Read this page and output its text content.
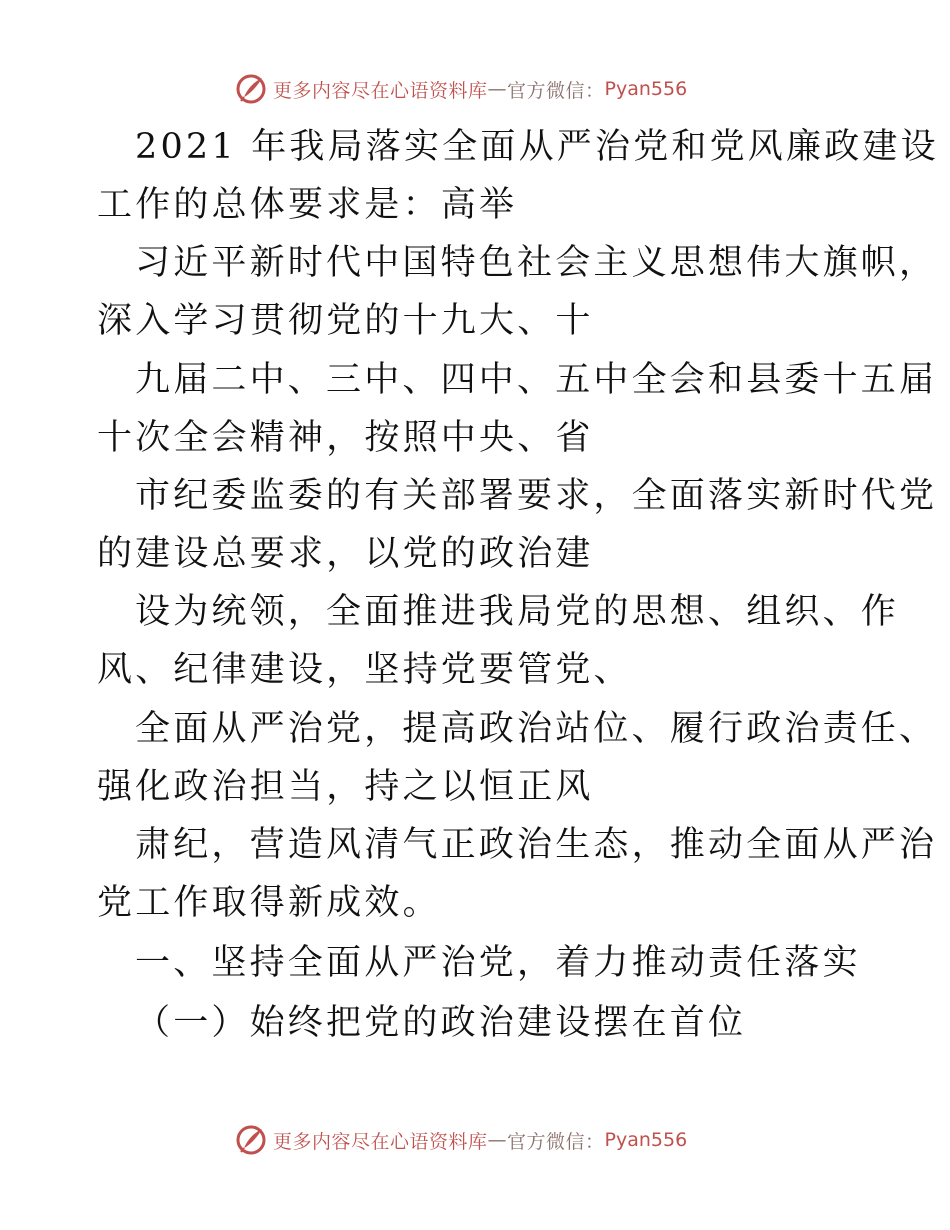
更多内容尽在心语资料库 — 官方微信： Pyan556
2021 年我局落实全面从严治党和党风廉政建设
工作的总体要求是：高举
习近平新时代中国特色社会主义思想伟大旗帜，
深入学习贯彻党的十九大、十
九届二中、三中、四中、五中全会和县委十五届
十次全会精神，按照中央、省
市纪委监委的有关部署要求，全面落实新时代党
的建设总要求，以党的政治建
设为统领，全面推进我局党的思想、组织、作
风、纪律建设，坚持党要管党、
全面从严治党，提高政治站位、履行政治责任、
强化政治担当，持之以恒正风
肃纪，营造风清气正政治生态，推动全面从严治
党工作取得新成效。
一、坚持全面从严治党，着力推动责任落实
（一）始终把党的政治建设摆在首位
更多内容尽在心语资料库 — 官方微信： Pyan556
